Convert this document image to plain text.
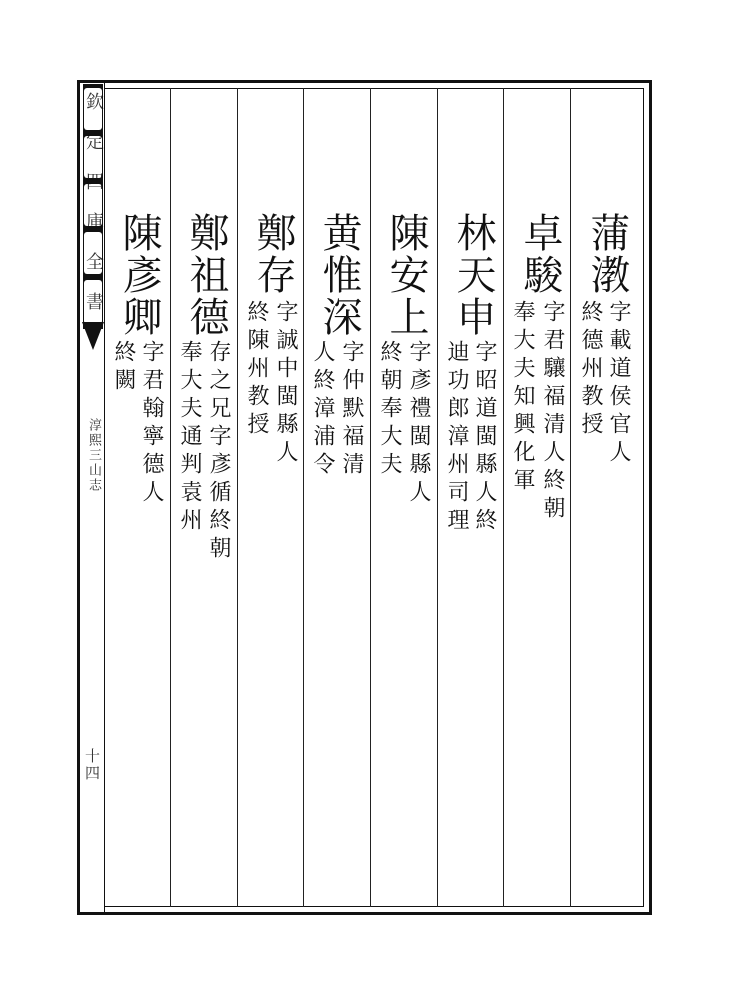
淳熙三山志
十四
蒲漖
字載道侯官人
終德州教授
卓駿
字君驤福清人終朝
奉大夫知興化軍
林天申
字昭道閩縣人終
迪功郎漳州司理
陳安上
字彥禮閩縣人
終朝奉大夫
黄惟深
字仲默福清
人終漳浦令
鄭存
字誠中閩縣人
終陳州教授
鄭祖德
存之兄字彥循終朝
奉大夫通判袁州
陳彥卿
字君翰寧德人
終闕
欽定四庫全書
